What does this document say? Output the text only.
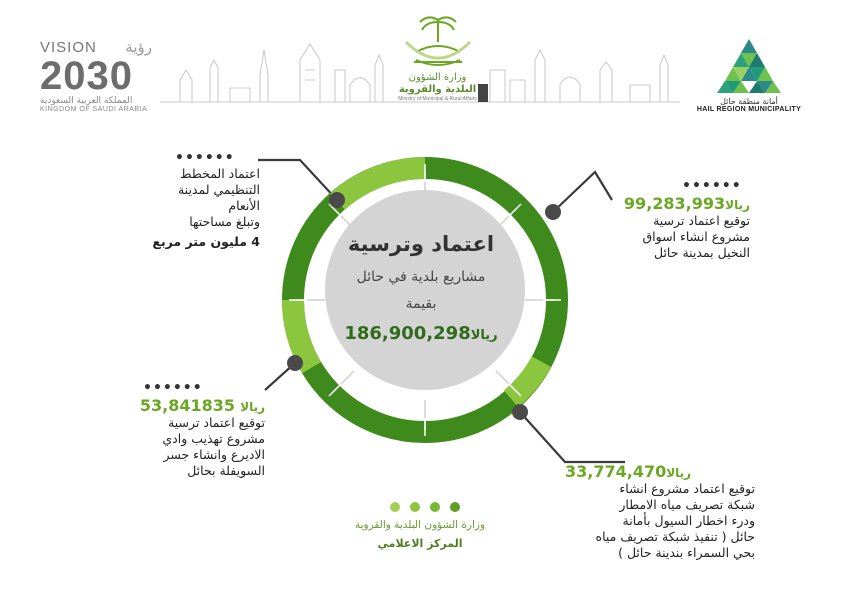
VISION رؤية
2030
المملكة العربية السعودية
KINGDOM OF SAUDI ARABIA
وزارة الشؤون
البلدية والقروية
Ministry of Municipal & Rural Affairs	أمانة منطقة حائل
HAIL REGION MUNICIPALITY
اعتماد وترسية
مشاريع بلدية في حائل
بقيمة
186,900,298ريالا
••••••
اعتماد المخطط
التنظيمي لمدينة
الأنعام
وتبلغ مساحتها
4 مليون متر مربع
••••••
ريالا99,283,993
توقيع اعتماد ترسية
مشروع انشاء اسواق
النخيل بمدينة حائل
••••••
ريالا 53,841835
توقيع اعتماد ترسية
مشروع تهذيب وادي
الاديرع وانشاء جسر
السويفلة بحائل	ريالا33,774,470
توقيع اعتماد مشروع انشاء
شبكة تصريف مياه الامطار
ودرء اخطار السيول بأمانة
حائل ( تنفيذ شبكة تصريف مياه
بحي السمراء بندينة حائل )
وزارة الشؤون البلدية والقروية
المركز الاعلامي
